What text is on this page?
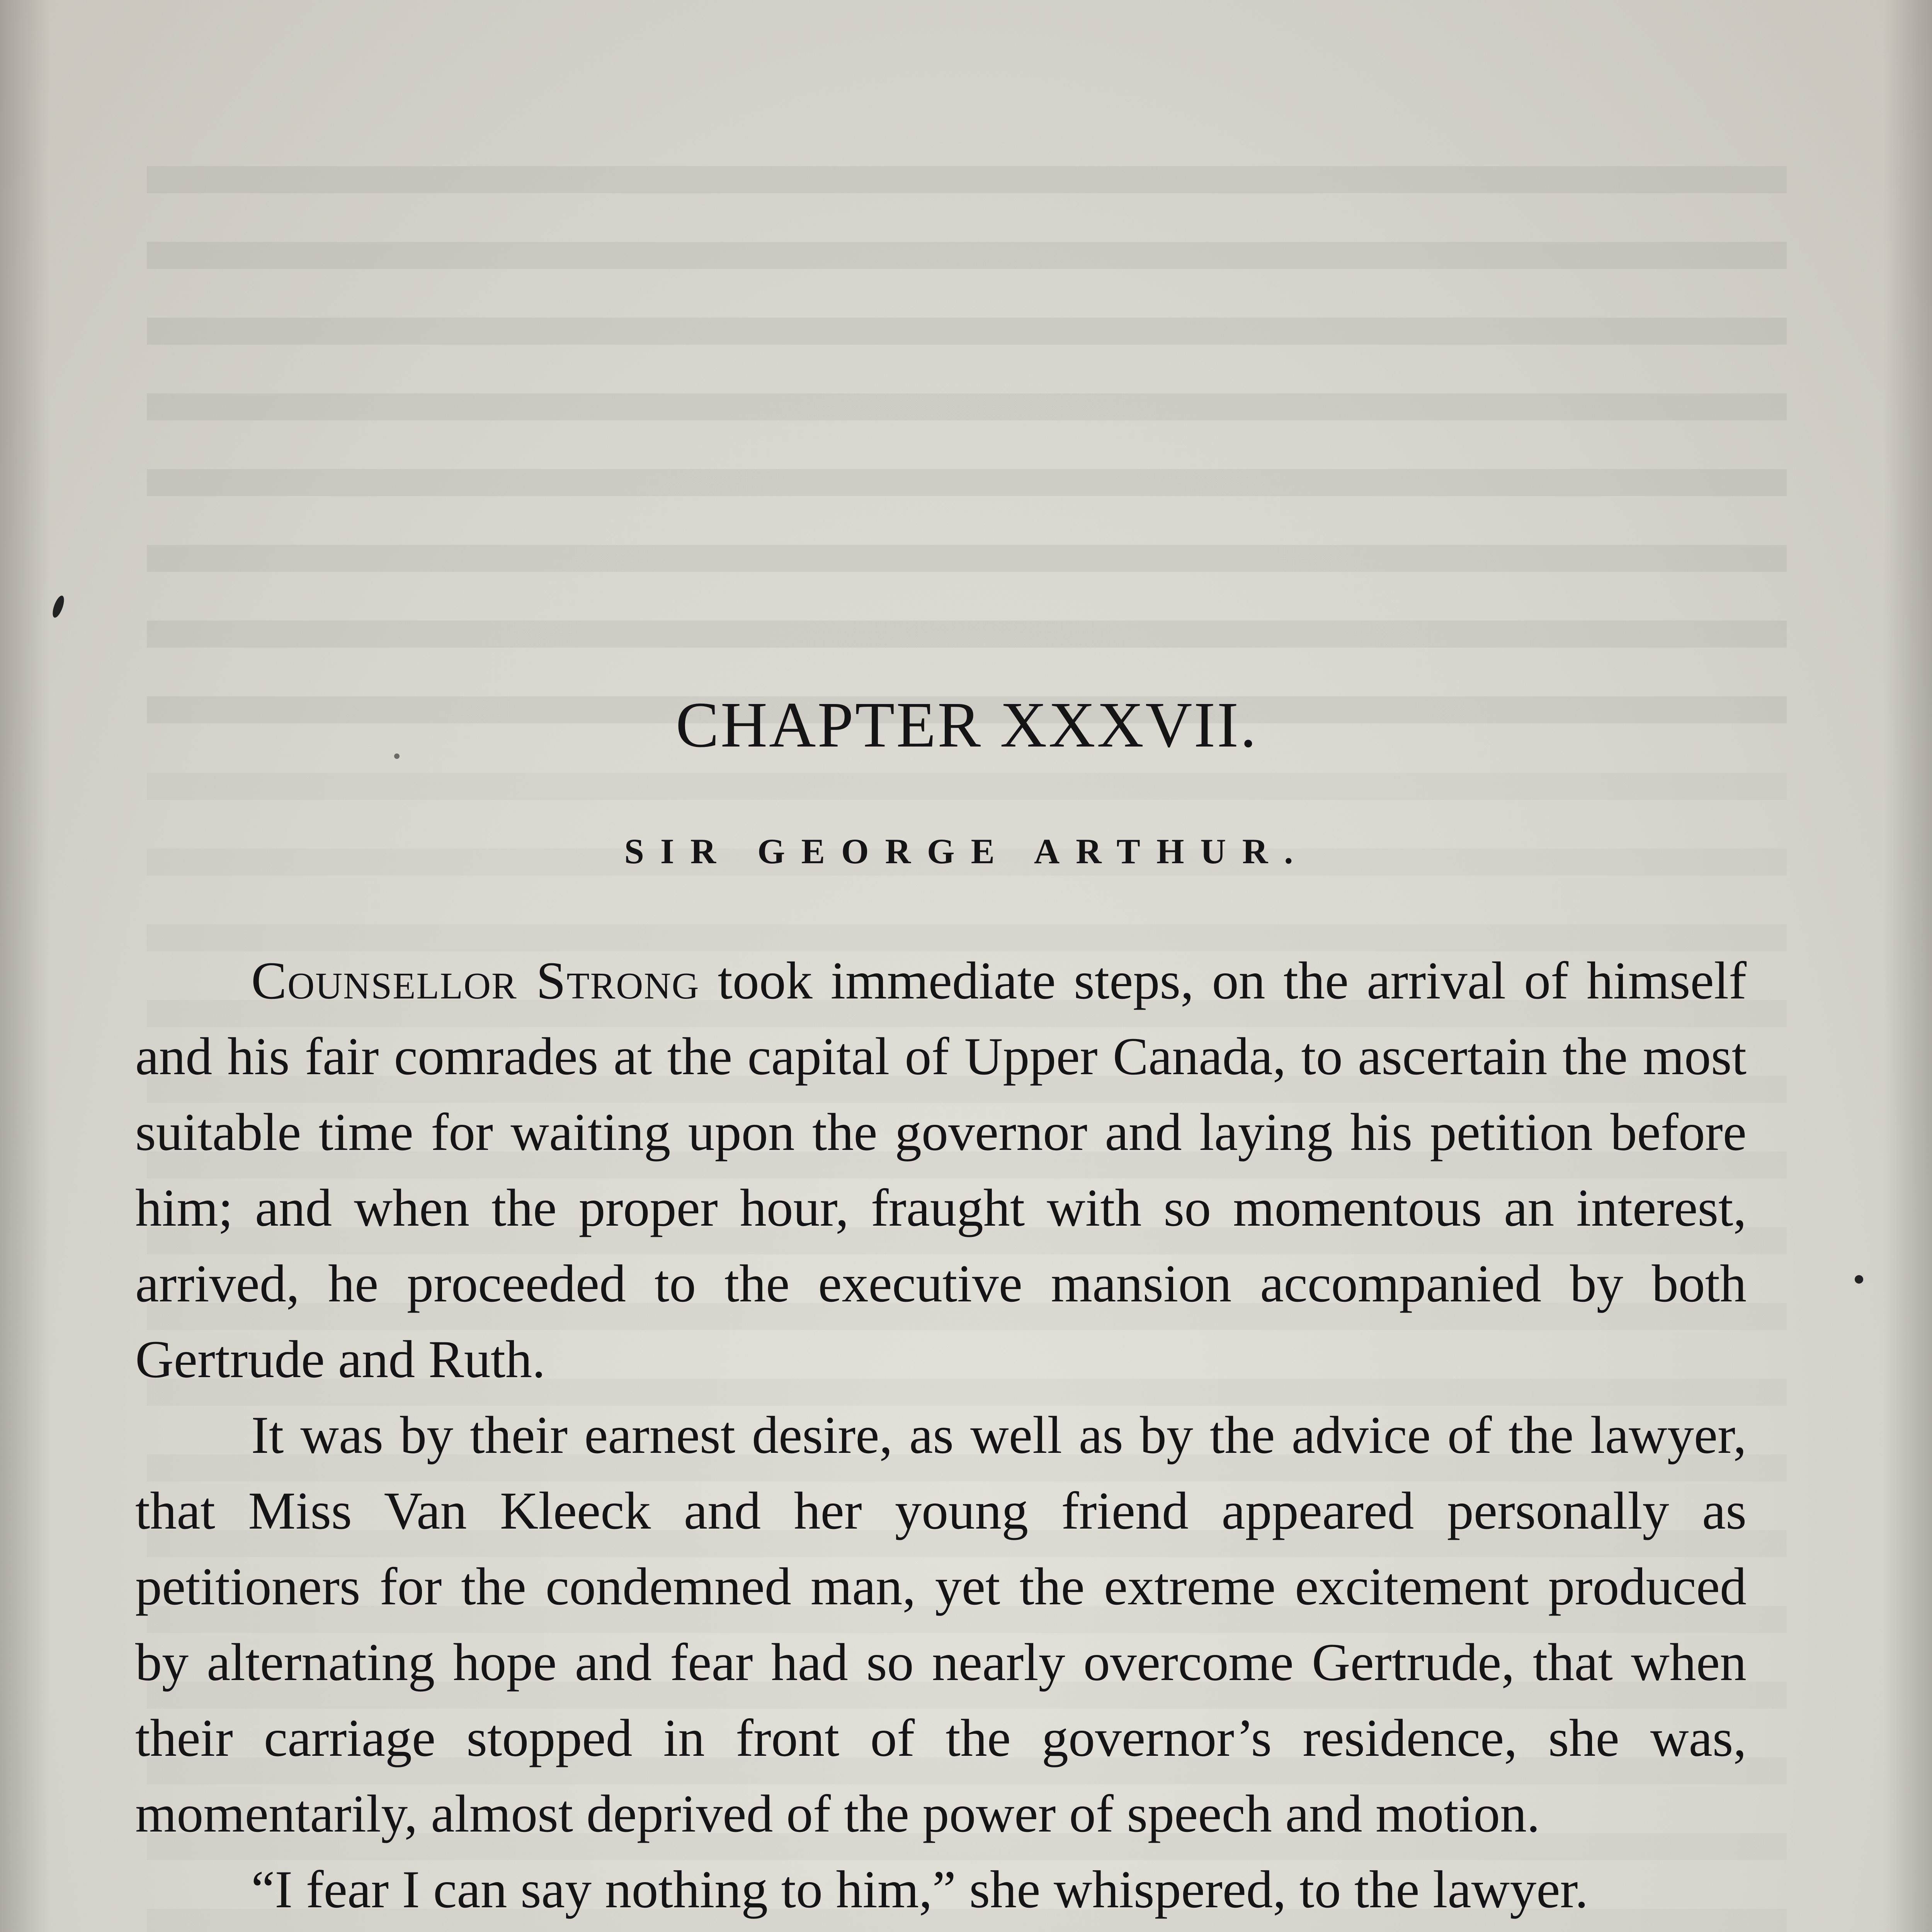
CHAPTER XXXVII.
SIR GEORGE ARTHUR.

Counsellor Strong took immediate steps, on the arrival of himself and his fair comrades at the capital of Upper Canada, to ascertain the most suitable time for waiting upon the governor and laying his petition before him; and when the proper hour, fraught with so momentous an interest, arrived, he proceeded to the executive mansion accompanied by both Gertrude and Ruth.

It was by their earnest desire, as well as by the advice of the lawyer, that Miss Van Kleeck and her young friend appeared personally as petitioners for the condemned man, yet the extreme excitement produced by alternating hope and fear had so nearly overcome Gertrude, that when their carriage stopped in front of the governor’s residence, she was, momentarily, almost deprived of the power of speech and motion.

“I fear I can say nothing to him,” she whispered, to the lawyer.
